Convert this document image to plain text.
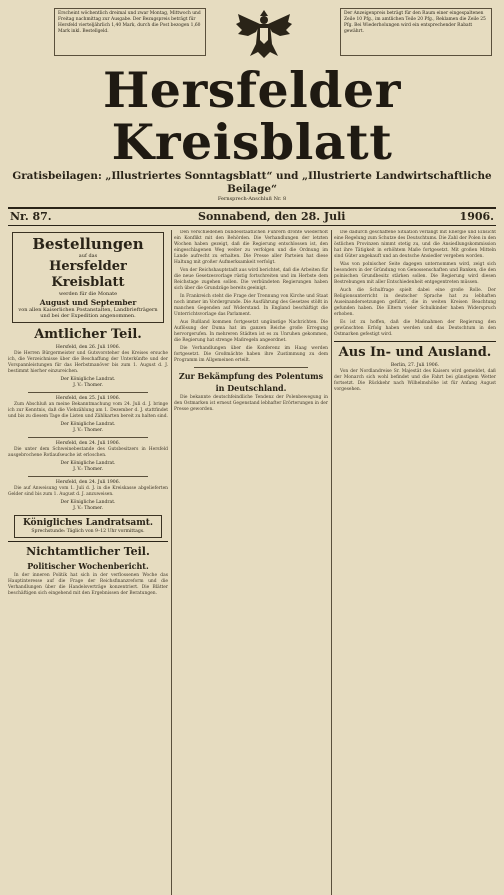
Erscheint wöchentlich dreimal und zwar Montag, Mittwoch und Freitag nachmittag zur Ausgabe. Der Bezugspreis beträgt für Hersfeld vierteljährlich 1,40 Mark, durch die Post bezogen 1,60 Mark inkl. Bestellgeld.
Der Anzeigenpreis beträgt für den Raum einer eingespaltenen Zeile 10 Pfg., im amtlichen Teile 20 Pfg., Reklamen die Zeile 25 Pfg. Bei Wiederholungen wird ein entsprechender Rabatt gewährt.
Hersfelder Kreisblatt
Gratisbeilagen: „Illustriertes Sonntagsblatt“ und „Illustrierte Landwirtschaftliche Beilage“
Fernsprech-Anschluß Nr. 8
Nr. 87.	Sonnabend, den 28. Juli	1906.
Bestellungen
auf das
Hersfelder Kreisblatt
werden für die Monate
August und September
von allen Kaiserlichen Postanstalten, Landbriefträgern und bei der Expedition angenommen.
Amtlicher Teil.
Hersfeld, den 26. Juli 1906.

Die Herren Bürgermeister und Gutsvorsteher des Kreises ersuche ich, die Verzeichnisse über die Beschaffung der Unterkünfte und der Vorspannleistungen für das Herbstmanöver bis zum 1. August d. J. bestimmt hierher einzureichen.

Der Königliche Landrat.
J. V.: Thomer.
Hersfeld, den 25. Juli 1906.

Zum Abschluß an meine Bekanntmachung vom 24. Juli d. J. bringe ich zur Kenntnis, daß die Viehzählung am 1. Dezember d. J. stattfindet und bis zu diesem Tage die Listen und Zählkarten bereit zu halten sind.

Der Königliche Landrat.
J. V.: Thomer.
Hersfeld, den 24. Juli 1906.

Die unter dem Schweinebestande des Gutsbesitzers in Hersfeld ausgebrochene Rotlaufseuche ist erloschen.

Der Königliche Landrat.
J. V.: Thomer.
Hersfeld, den 24. Juli 1906.

Die auf Anweisung vom 1. Juli d. J. in die Kreiskasse abgelieferten Gelder sind bis zum 1. August d. J. anzuweisen.

Der Königliche Landrat.
J. V.: Thomer.
Königliches Landratsamt.
Sprechstunde: Täglich von 9–12 Uhr vormittags.
Nichtamtlicher Teil.
Politischer Wochenbericht.

In der inneren Politik hat sich in der verflossenen Woche das Hauptinteresse auf die Frage der Reichsfinanzreform und die Verhandlungen über die Handelsverträge konzentriert. Die Blätter beschäftigen sich eingehend mit den Ergebnissen der Beratungen.

Den verschiedenen bundesstaatlichen Führern drohte wiederholt ein Konflikt mit den Behörden. Die Verhandlungen der letzten Wochen haben gezeigt, daß die Regierung entschlossen ist, den eingeschlagenen Weg weiter zu verfolgen und die Ordnung im Lande aufrecht zu erhalten. Die Presse aller Parteien hat diese Haltung mit großer Aufmerksamkeit verfolgt.

Von der Reichshauptstadt aus wird berichtet, daß die Arbeiten für die neue Gesetzesvorlage rüstig fortschreiten und im Herbste dem Reichstage zugehen sollen. Die verbündeten Regierungen haben sich über die Grundzüge bereits geeinigt.

In Frankreich steht die Frage der Trennung von Kirche und Staat noch immer im Vordergrunde. Die Ausführung des Gesetzes stößt in manchen Gegenden auf Widerstand. In England beschäftigt die Unterrichtsvorlage das Parlament.

Aus Rußland kommen fortgesetzt ungünstige Nachrichten. Die Auflösung der Duma hat im ganzen Reiche große Erregung hervorgerufen. In mehreren Städten ist es zu Unruhen gekommen, die Regierung hat strenge Maßregeln angeordnet.

Die Verhandlungen über die Konferenz im Haag werden fortgesetzt. Die Großmächte haben ihre Zustimmung zu dem Programm im Allgemeinen erteilt.

Zur Bekämpfung des Polentums
in Deutschland.

Die bekannte deutschfeindliche Tendenz der Polenbewegung in den Ostmarken ist erneut Gegenstand lebhafter Erörterungen in der Presse geworden.

Die dadurch geschaffene Situation verlangt mit Energie und Einsicht eine Regelung zum Schutze des Deutschtums. Die Zahl der Polen in den östlichen Provinzen nimmt stetig zu, und die Ansiedlungskommission hat ihre Tätigkeit in erhöhtem Maße fortgesetzt. Mit großen Mitteln sind Güter angekauft und an deutsche Ansiedler vergeben worden.

Was von polnischer Seite dagegen unternommen wird, zeigt sich besonders in der Gründung von Genossenschaften und Banken, die den polnischen Grundbesitz stärken sollen. Die Regierung wird diesen Bestrebungen mit aller Entschiedenheit entgegentreten müssen.

Auch die Schulfrage spielt dabei eine große Rolle. Der Religionsunterricht in deutscher Sprache hat zu lebhaften Auseinandersetzungen geführt, die in weiten Kreisen Beachtung gefunden haben. Die Eltern vieler Schulkinder haben Widerspruch erhoben.

Es ist zu hoffen, daß die Maßnahmen der Regierung den gewünschten Erfolg haben werden und das Deutschtum in den Ostmarken gefestigt wird.

Aus In- und Ausland.
Berlin, 27. Juli 1906.

Von der Nordlandreise Sr. Majestät des Kaisers wird gemeldet, daß der Monarch sich wohl befindet und die Fahrt bei günstigem Wetter fortsetzt. Die Rückkehr nach Wilhelmshöhe ist für Anfang August vorgesehen.
